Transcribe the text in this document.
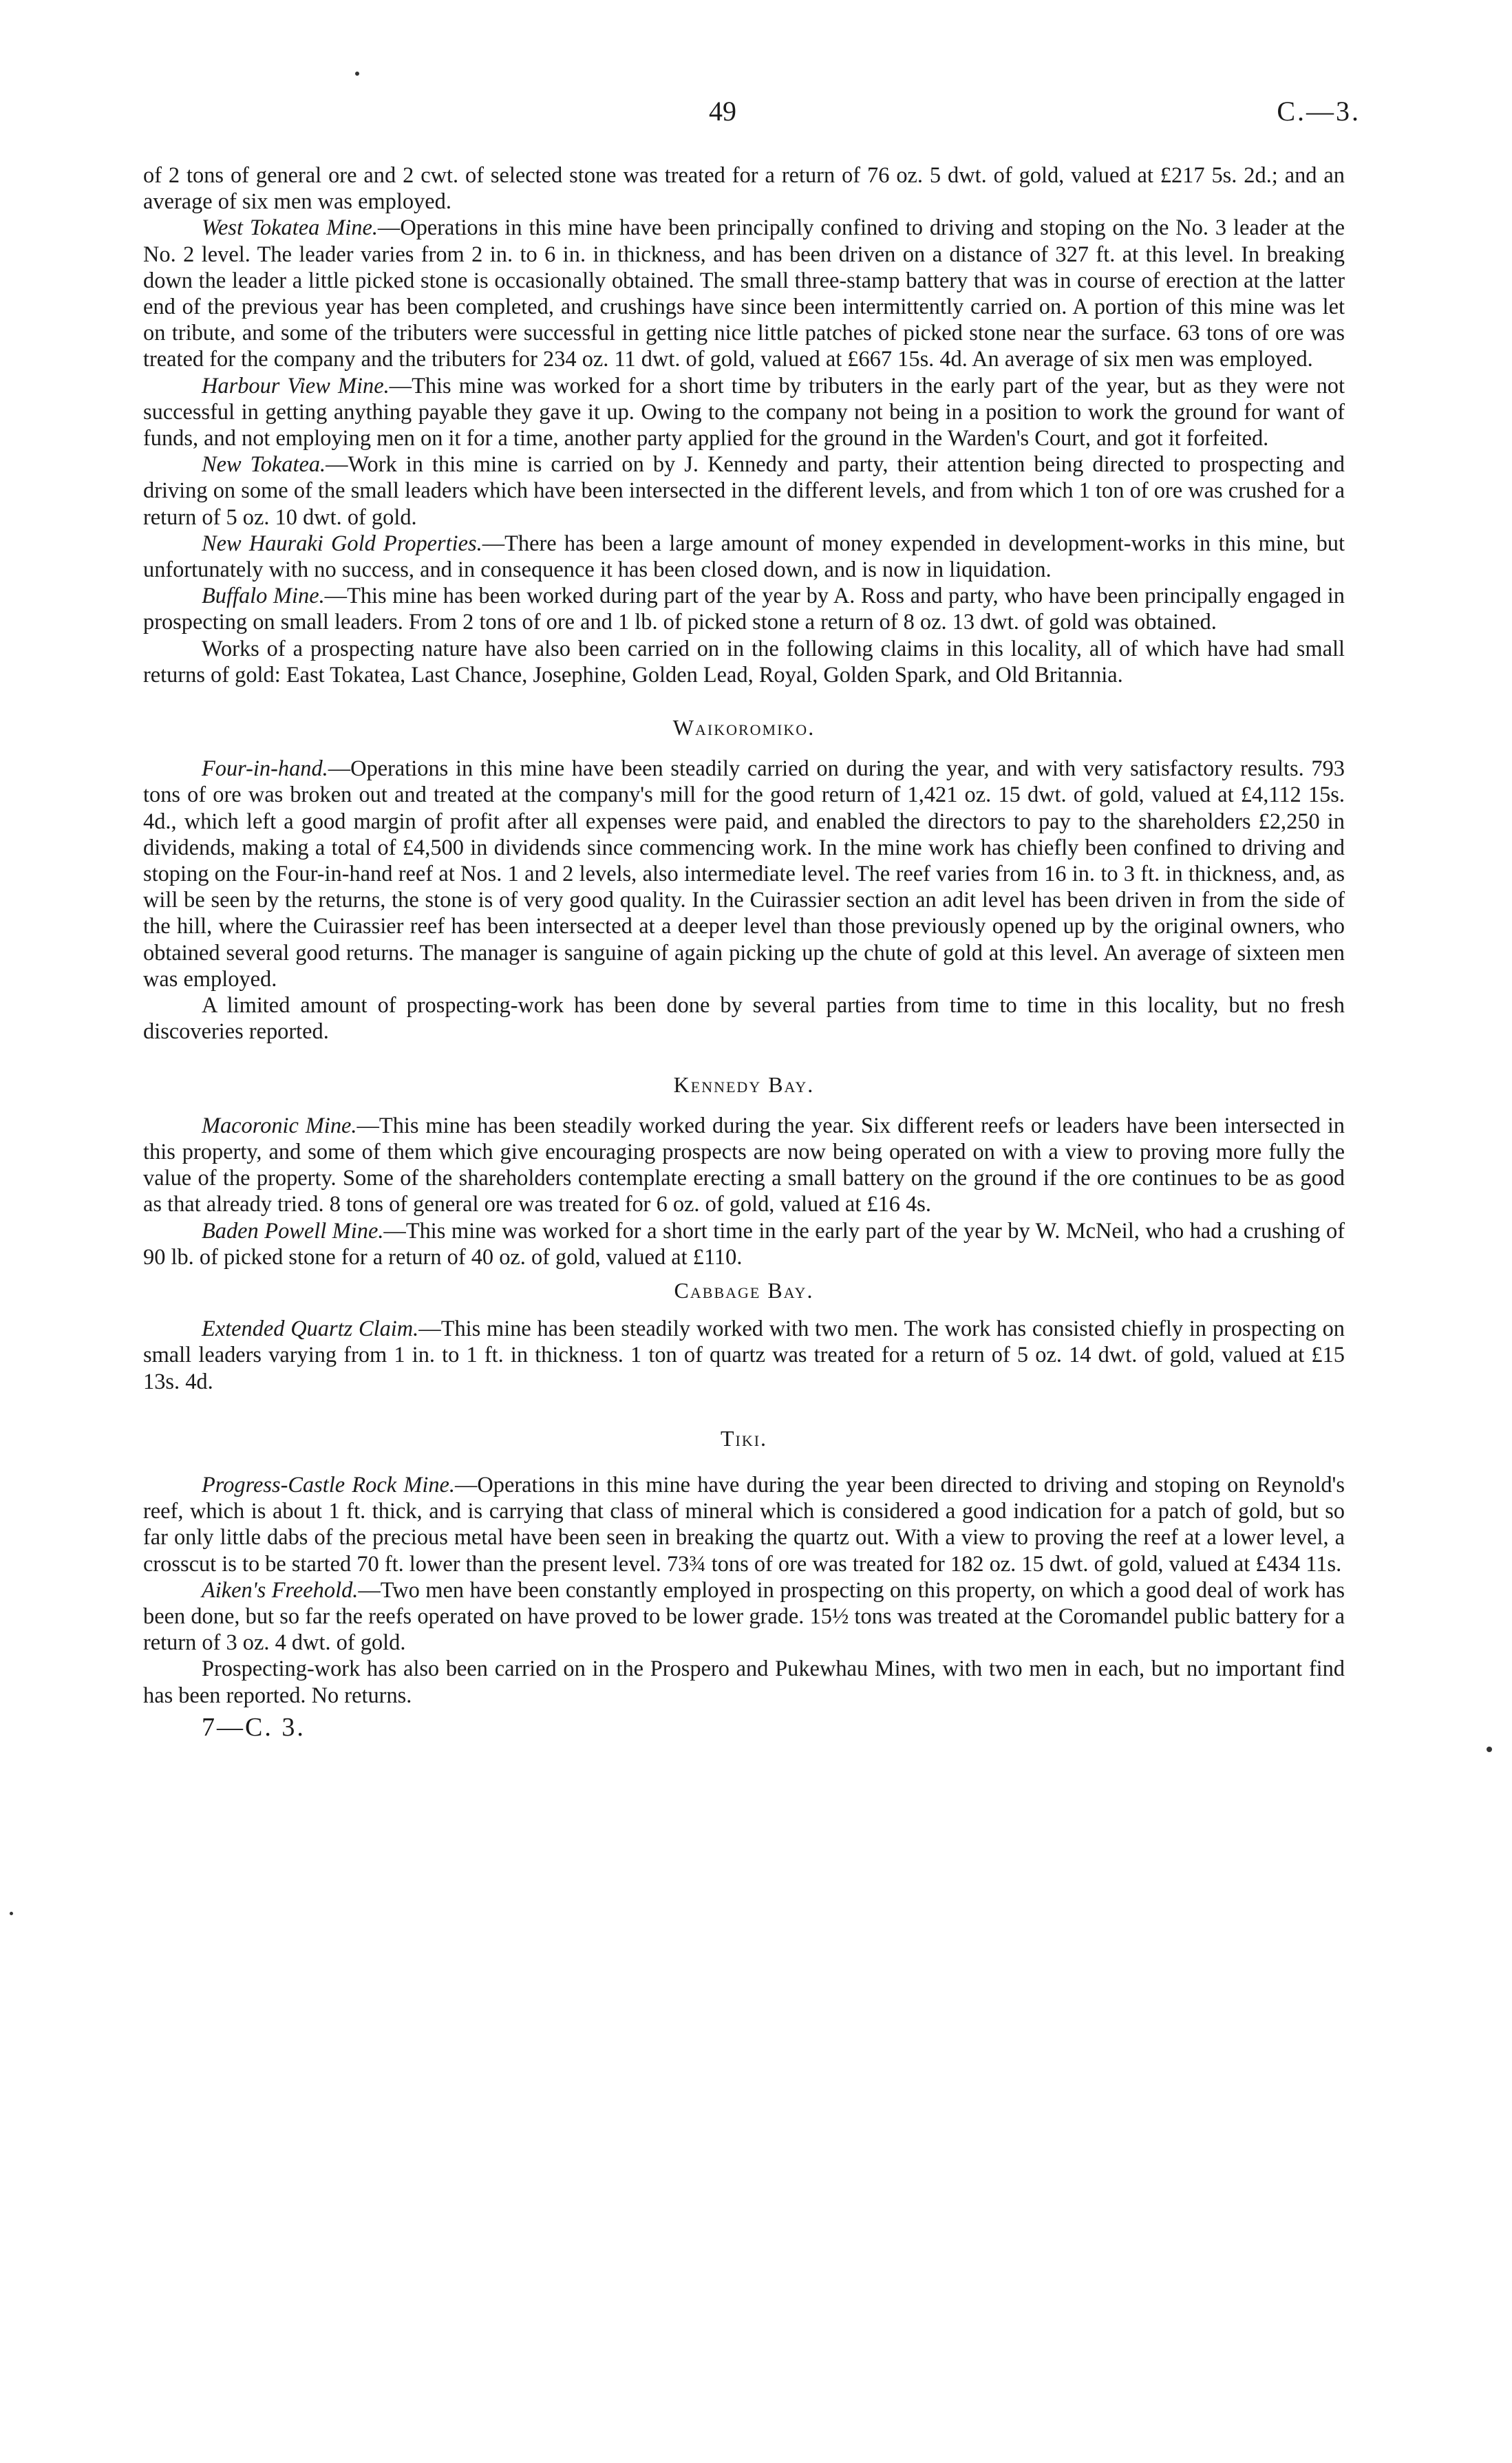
49	C.—3.

of 2 tons of general ore and 2 cwt. of selected stone was treated for a return of 76 oz. 5 dwt. of gold, valued at £217 5s. 2d.; and an average of six men was employed.

West Tokatea Mine.—Operations in this mine have been principally confined to driving and stoping on the No. 3 leader at the No. 2 level. The leader varies from 2 in. to 6 in. in thickness, and has been driven on a distance of 327 ft. at this level. In breaking down the leader a little picked stone is occasionally obtained. The small three-stamp battery that was in course of erection at the latter end of the previous year has been completed, and crushings have since been intermittently carried on. A portion of this mine was let on tribute, and some of the tributers were successful in getting nice little patches of picked stone near the surface. 63 tons of ore was treated for the company and the tributers for 234 oz. 11 dwt. of gold, valued at £667 15s. 4d. An average of six men was employed.

Harbour View Mine.—This mine was worked for a short time by tributers in the early part of the year, but as they were not successful in getting anything payable they gave it up. Owing to the company not being in a position to work the ground for want of funds, and not employing men on it for a time, another party applied for the ground in the Warden's Court, and got it forfeited.

New Tokatea.—Work in this mine is carried on by J. Kennedy and party, their attention being directed to prospecting and driving on some of the small leaders which have been intersected in the different levels, and from which 1 ton of ore was crushed for a return of 5 oz. 10 dwt. of gold.

New Hauraki Gold Properties.—There has been a large amount of money expended in development-works in this mine, but unfortunately with no success, and in consequence it has been closed down, and is now in liquidation.

Buffalo Mine.—This mine has been worked during part of the year by A. Ross and party, who have been principally engaged in prospecting on small leaders. From 2 tons of ore and 1 lb. of picked stone a return of 8 oz. 13 dwt. of gold was obtained.

Works of a prospecting nature have also been carried on in the following claims in this locality, all of which have had small returns of gold: East Tokatea, Last Chance, Josephine, Golden Lead, Royal, Golden Spark, and Old Britannia.

Waikoromiko.

Four-in-hand.—Operations in this mine have been steadily carried on during the year, and with very satisfactory results. 793 tons of ore was broken out and treated at the company's mill for the good return of 1,421 oz. 15 dwt. of gold, valued at £4,112 15s. 4d., which left a good margin of profit after all expenses were paid, and enabled the directors to pay to the shareholders £2,250 in dividends, making a total of £4,500 in dividends since commencing work. In the mine work has chiefly been confined to driving and stoping on the Four-in-hand reef at Nos. 1 and 2 levels, also intermediate level. The reef varies from 16 in. to 3 ft. in thickness, and, as will be seen by the returns, the stone is of very good quality. In the Cuirassier section an adit level has been driven in from the side of the hill, where the Cuirassier reef has been intersected at a deeper level than those previously opened up by the original owners, who obtained several good returns. The manager is sanguine of again picking up the chute of gold at this level. An average of sixteen men was employed.

A limited amount of prospecting-work has been done by several parties from time to time in this locality, but no fresh discoveries reported.

Kennedy Bay.

Macoronic Mine.—This mine has been steadily worked during the year. Six different reefs or leaders have been intersected in this property, and some of them which give encouraging prospects are now being operated on with a view to proving more fully the value of the property. Some of the shareholders contemplate erecting a small battery on the ground if the ore continues to be as good as that already tried. 8 tons of general ore was treated for 6 oz. of gold, valued at £16 4s.

Baden Powell Mine.—This mine was worked for a short time in the early part of the year by W. McNeil, who had a crushing of 90 lb. of picked stone for a return of 40 oz. of gold, valued at £110.

Cabbage Bay.

Extended Quartz Claim.—This mine has been steadily worked with two men. The work has consisted chiefly in prospecting on small leaders varying from 1 in. to 1 ft. in thickness. 1 ton of quartz was treated for a return of 5 oz. 14 dwt. of gold, valued at £15 13s. 4d.

Tiki.

Progress-Castle Rock Mine.—Operations in this mine have during the year been directed to driving and stoping on Reynold's reef, which is about 1 ft. thick, and is carrying that class of mineral which is considered a good indication for a patch of gold, but so far only little dabs of the precious metal have been seen in breaking the quartz out. With a view to proving the reef at a lower level, a crosscut is to be started 70 ft. lower than the present level. 73¾ tons of ore was treated for 182 oz. 15 dwt. of gold, valued at £434 11s.

Aiken's Freehold.—Two men have been constantly employed in prospecting on this property, on which a good deal of work has been done, but so far the reefs operated on have proved to be lower grade. 15½ tons was treated at the Coromandel public battery for a return of 3 oz. 4 dwt. of gold.

Prospecting-work has also been carried on in the Prospero and Pukewhau Mines, with two men in each, but no important find has been reported. No returns.

7—C. 3.
